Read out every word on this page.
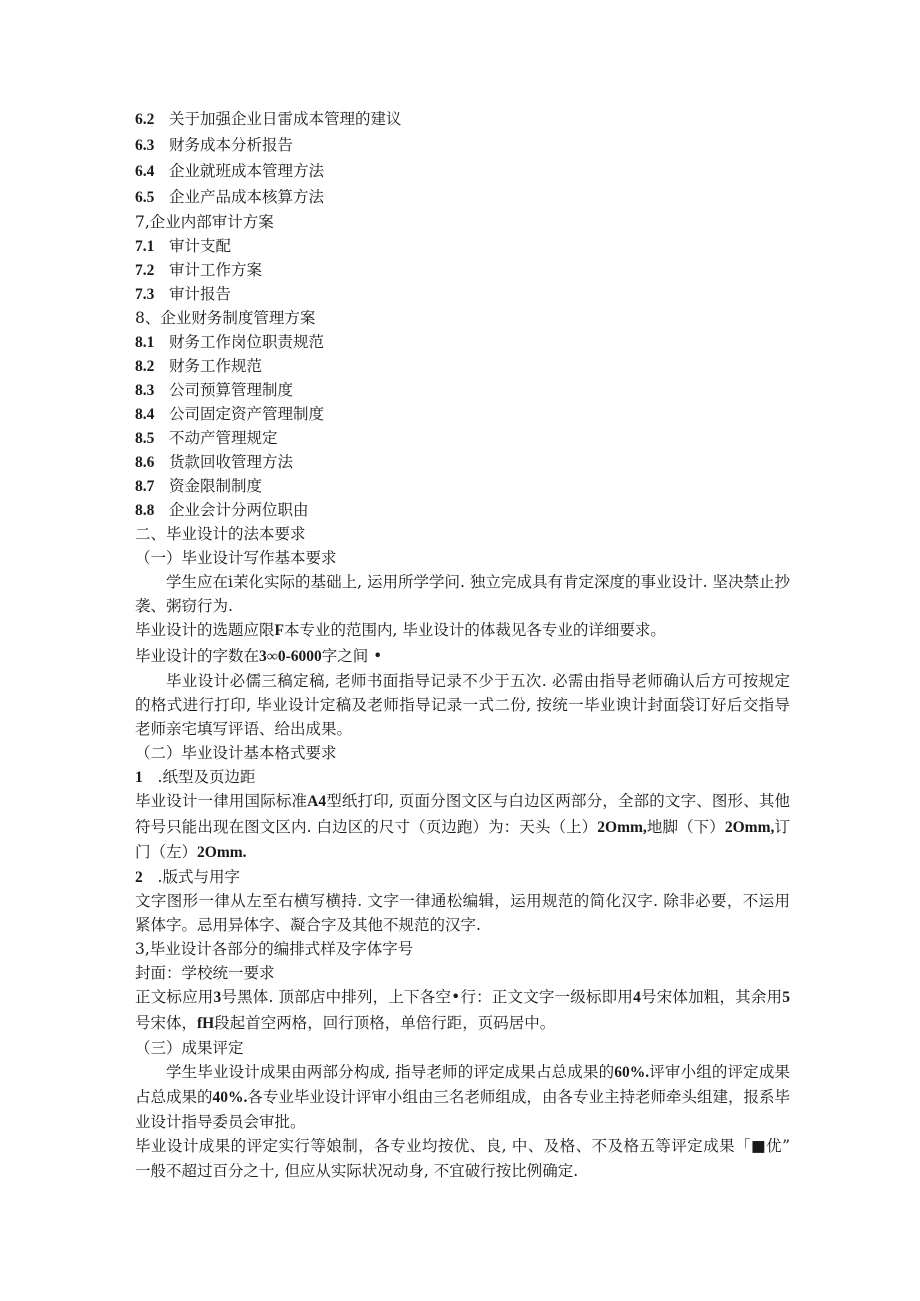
6.2 关于加强企业日雷成本管理的建议
6.3 财务成本分析报告
6.4 企业就班成本管理方法
6.5 企业产品成本核算方法
7,企业内部审计方案
7.1 审计支配
7.2 审计工作方案
7.3 审计报告
8、企业财务制度管理方案
8.1 财务工作岗位职责规范
8.2 财务工作规范
8.3 公司预算管理制度
8.4 公司固定资产管理制度
8.5 不动产管理规定
8.6 货款回收管理方法
8.7 资金限制制度
8.8 企业会计分两位职由
二、毕业设计的法本要求
（一）毕业设计写作基本要求
学生应在i茉化实际的基础上, 运用所学学问. 独立完成具有肯定深度的事业设计. 坚决禁止抄袭、粥窃行为.
毕业设计的选题应限F本专业的范围内, 毕业设计的体裁见各专业的详细要求。
毕业设计的字数在3∞0-6000字之间 •
毕业设计必儒三稿定稿, 老师书面指导记录不少于五次. 必需由指导老师确认后方可按规定的格式进行打印, 毕业设计定稿及老师指导记录一式二份, 按统一毕业谀计封面袋订好后交指导老师亲宅填写评语、给出成果。
（二）毕业设计基本格式要求
1 .纸型及页边距
毕业设计一律用国际标准A4型纸打印, 页面分图文区与白边区两部分，全部的文字、图形、其他符号只能出现在图文区内. 白边区的尺寸（页边跑）为：天头（上）2Omm,地脚（下）2Omm,订门（左）2Omm.
2 .版式与用字
文字图形一律从左至右横写横持. 文字一律通松编辑，运用规范的简化汉字. 除非必要，不运用紧体字。忌用异体字、凝合字及其他不规范的汉字.
3,毕业设计各部分的编排式样及字体字号
封面：学校统一要求
正文标应用3号黑体. 顶部店中排列，上下各空•行：正文文字一级标即用4号宋体加粗，其余用5号宋体，fH段起首空两格，回行顶格，单倍行距，页码居中。
（三）成果评定
学生毕业设计成果由两部分构成, 指导老师的评定成果占总成果的60%.评审小组的评定成果占总成果的40%.各专业毕业设计评审小组由三名老师组成，由各专业主持老师牵头组建，报系毕业设计指导委员会审批。
毕业设计成果的评定实行等娘制，各专业均按优、良, 中、及格、不及格五等评定成果「■优” 一般不超过百分之十, 但应从实际状况动身, 不宜破行按比例确定.
